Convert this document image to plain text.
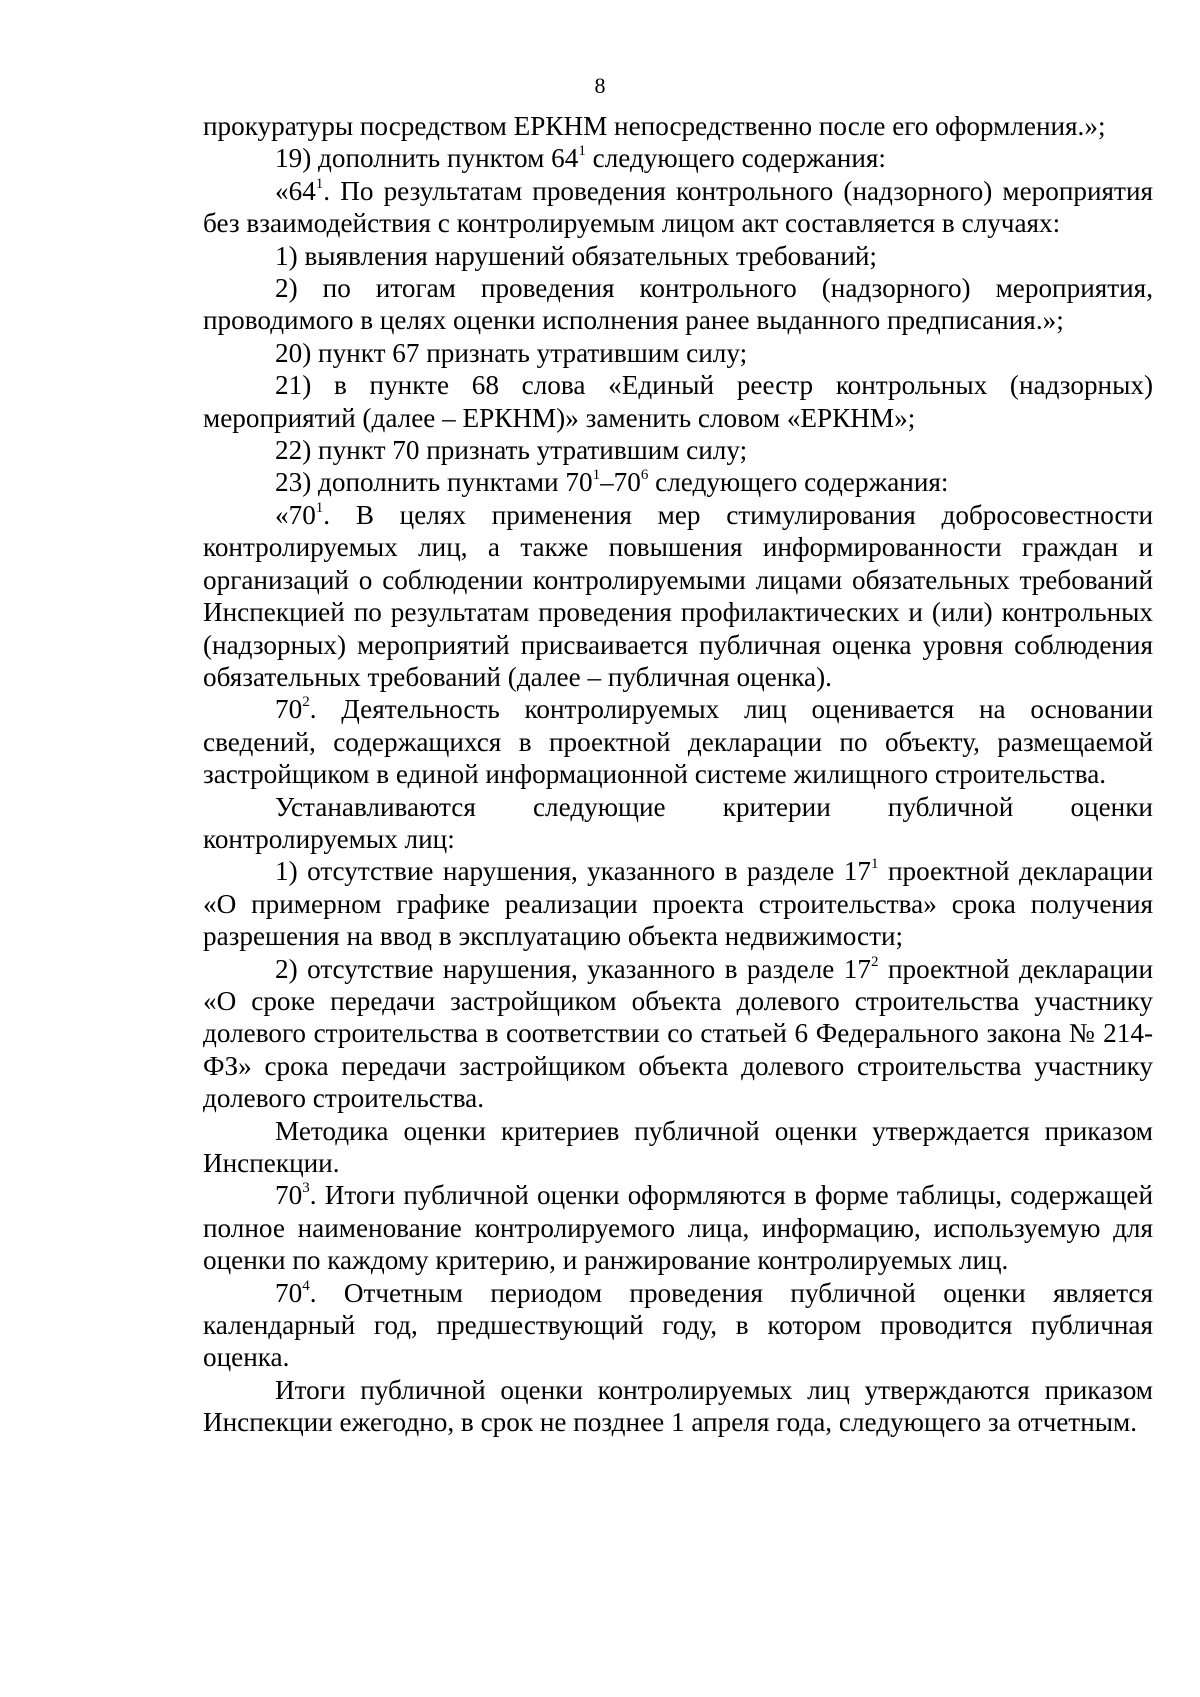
8

прокуратуры посредством ЕРКНМ непосредственно после его оформления.»;

19) дополнить пунктом $64^1$ следующего содержания:

«$64^1$. По результатам проведения контрольного (надзорного) мероприятия без взаимодействия с контролируемым лицом акт составляется в случаях:

1) выявления нарушений обязательных требований;

2) по итогам проведения контрольного (надзорного) мероприятия, проводимого в целях оценки исполнения ранее выданного предписания.»;

20) пункт 67 признать утратившим силу;

21) в пункте 68 слова «Единый реестр контрольных (надзорных) мероприятий (далее – ЕРКНМ)» заменить словом «ЕРКНМ»;

22) пункт 70 признать утратившим силу;

23) дополнить пунктами $70^1-70^6$ следующего содержания:

«$70^1$. В целях применения мер стимулирования добросовестности контролируемых лиц, а также повышения информированности граждан и организаций о соблюдении контролируемыми лицами обязательных требований Инспекцией по результатам проведения профилактических и (или) контрольных (надзорных) мероприятий присваивается публичная оценка уровня соблюдения обязательных требований (далее – публичная оценка).

$70^2$. Деятельность контролируемых лиц оценивается на основании сведений, содержащихся в проектной декларации по объекту, размещаемой застройщиком в единой информационной системе жилищного строительства.

Устанавливаются следующие критерии публичной оценки контролируемых лиц:

1) отсутствие нарушения, указанного в разделе $17^1$ проектной декларации «О примерном графике реализации проекта строительства» срока получения разрешения на ввод в эксплуатацию объекта недвижимости;

2) отсутствие нарушения, указанного в разделе $17^2$ проектной декларации «О сроке передачи застройщиком объекта долевого строительства участнику долевого строительства в соответствии со статьей 6 Федерального закона № 214-ФЗ» срока передачи застройщиком объекта долевого строительства участнику долевого строительства.

Методика оценки критериев публичной оценки утверждается приказом Инспекции.

$70^3$. Итоги публичной оценки оформляются в форме таблицы, содержащей полное наименование контролируемого лица, информацию, используемую для оценки по каждому критерию, и ранжирование контролируемых лиц.

$70^4$. Отчетным периодом проведения публичной оценки является календарный год, предшествующий году, в котором проводится публичная оценка.

Итоги публичной оценки контролируемых лиц утверждаются приказом Инспекции ежегодно, в срок не позднее 1 апреля года, следующего за отчетным.
